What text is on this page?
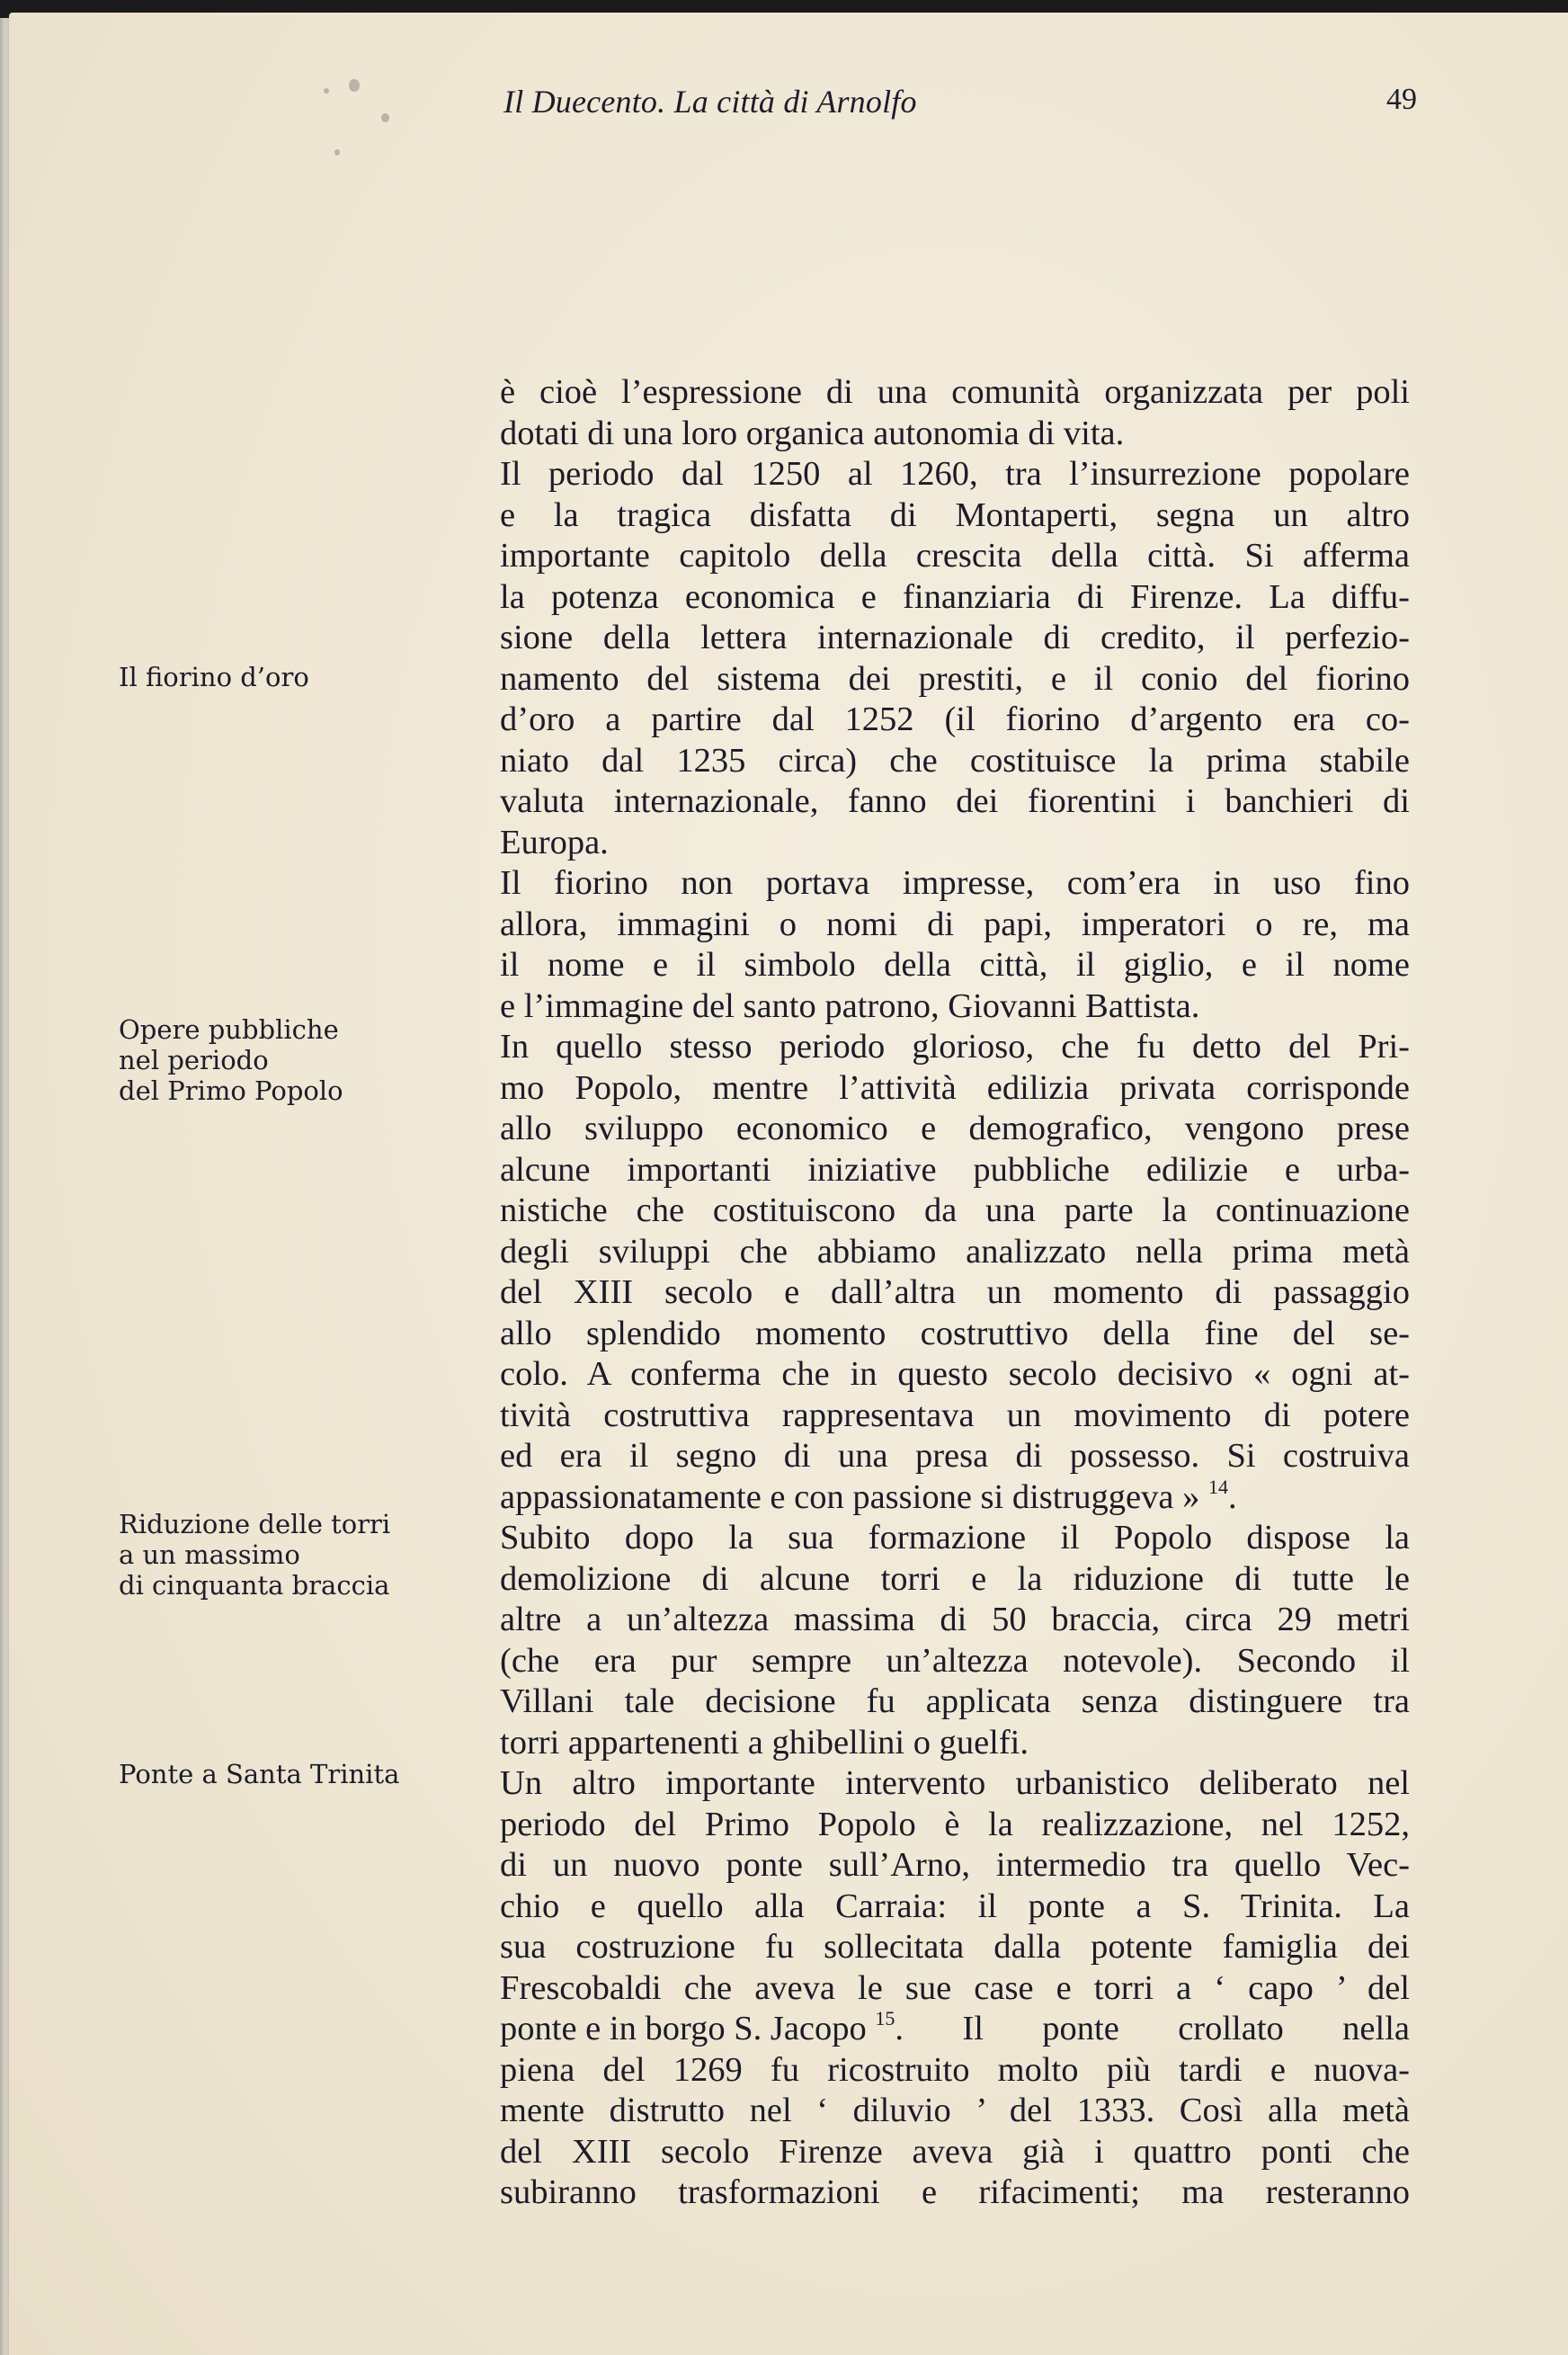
Il Duecento. La città di Arnolfo	49
Il fiorino d’oro
Opere pubbliche
nel periodo
del Primo Popolo
Riduzione delle torri
a un massimo
di cinquanta braccia
Ponte a Santa Trinita
è cioè l’espressione di una comunità organizzata per poli
dotati di una loro organica autonomia di vita.
Il periodo dal 1250 al 1260, tra l’insurrezione popolare
e la tragica disfatta di Montaperti, segna un altro
importante capitolo della crescita della città. Si afferma
la potenza economica e finanziaria di Firenze. La diffu-
sione della lettera internazionale di credito, il perfezio-
namento del sistema dei prestiti, e il conio del fiorino
d’oro a partire dal 1252 (il fiorino d’argento era co-
niato dal 1235 circa) che costituisce la prima stabile
valuta internazionale, fanno dei fiorentini i banchieri di
Europa.
Il fiorino non portava impresse, com’era in uso fino
allora, immagini o nomi di papi, imperatori o re, ma
il nome e il simbolo della città, il giglio, e il nome
e l’immagine del santo patrono, Giovanni Battista.
In quello stesso periodo glorioso, che fu detto del Pri-
mo Popolo, mentre l’attività edilizia privata corrisponde
allo sviluppo economico e demografico, vengono prese
alcune importanti iniziative pubbliche edilizie e urba-
nistiche che costituiscono da una parte la continuazione
degli sviluppi che abbiamo analizzato nella prima metà
del XIII secolo e dall’altra un momento di passaggio
allo splendido momento costruttivo della fine del se-
colo. A conferma che in questo secolo decisivo « ogni at-
tività costruttiva rappresentava un movimento di potere
ed era il segno di una presa di possesso. Si costruiva
appassionatamente e con passione si distruggeva » $^{14}$.
Subito dopo la sua formazione il Popolo dispose la
demolizione di alcune torri e la riduzione di tutte le
altre a un’altezza massima di 50 braccia, circa 29 metri
(che era pur sempre un’altezza notevole). Secondo il
Villani tale decisione fu applicata senza distinguere tra
torri appartenenti a ghibellini o guelfi.
Un altro importante intervento urbanistico deliberato nel
periodo del Primo Popolo è la realizzazione, nel 1252,
di un nuovo ponte sull’Arno, intermedio tra quello Vec-
chio e quello alla Carraia: il ponte a S. Trinita. La
sua costruzione fu sollecitata dalla potente famiglia dei
Frescobaldi che aveva le sue case e torri a ‘ capo ’ del
ponte e in borgo S. Jacopo $^{15}$ . Il ponte crollato nella
piena del 1269 fu ricostruito molto più tardi e nuova-
mente distrutto nel ‘ diluvio ’ del 1333. Così alla metà
del XIII secolo Firenze aveva già i quattro ponti che
subiranno trasformazioni e rifacimenti; ma resteranno
